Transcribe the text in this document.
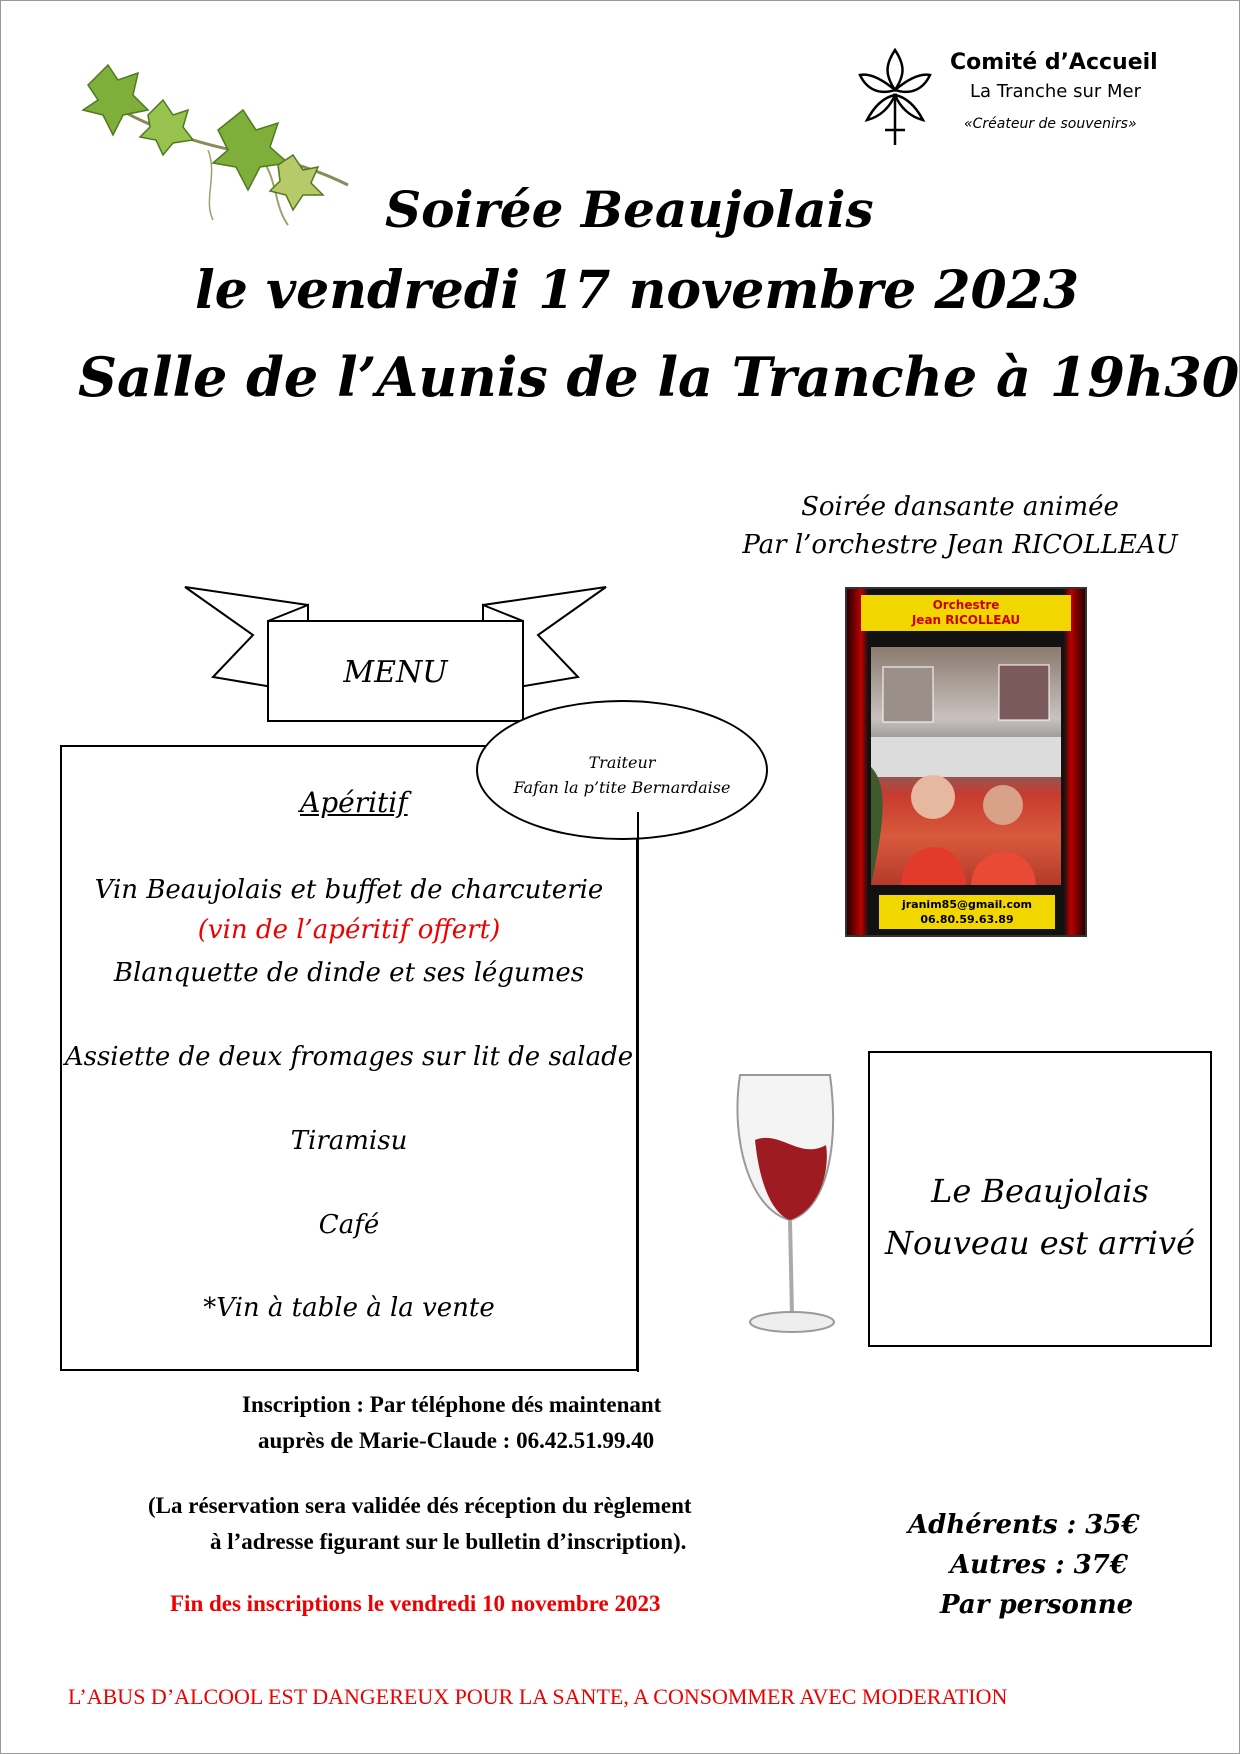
Comité d’Accueil
La Tranche sur Mer
«Créateur de souvenirs»
Soirée Beaujolais
le vendredi 17 novembre 2023
Salle de l’Aunis de la Tranche à 19h30
Soirée dansante animée
Par l’orchestre Jean RICOLLEAU
Orchestre
Jean RICOLLEAU
jranim85@gmail.com
06.80.59.63.89
MENU
Traiteur
Fafan la p’tite Bernardaise
Apéritif
Vin Beaujolais et buffet de charcuterie
(vin de l’apéritif offert)
Blanquette de dinde et ses légumes
Assiette de deux fromages sur lit de salade
Tiramisu
Café
*Vin à table à la vente
Le Beaujolais
Nouveau est arrivé
Inscription : Par téléphone dés maintenant
auprès de Marie-Claude : 06.42.51.99.40
(La réservation sera validée dés réception du règlement
à l’adresse figurant sur le bulletin d’inscription).
Fin des inscriptions le vendredi 10 novembre 2023
Adhérents : 35€
Autres : 37€
Par personne
L’ABUS D’ALCOOL EST DANGEREUX POUR LA SANTE, A CONSOMMER AVEC MODERATION
